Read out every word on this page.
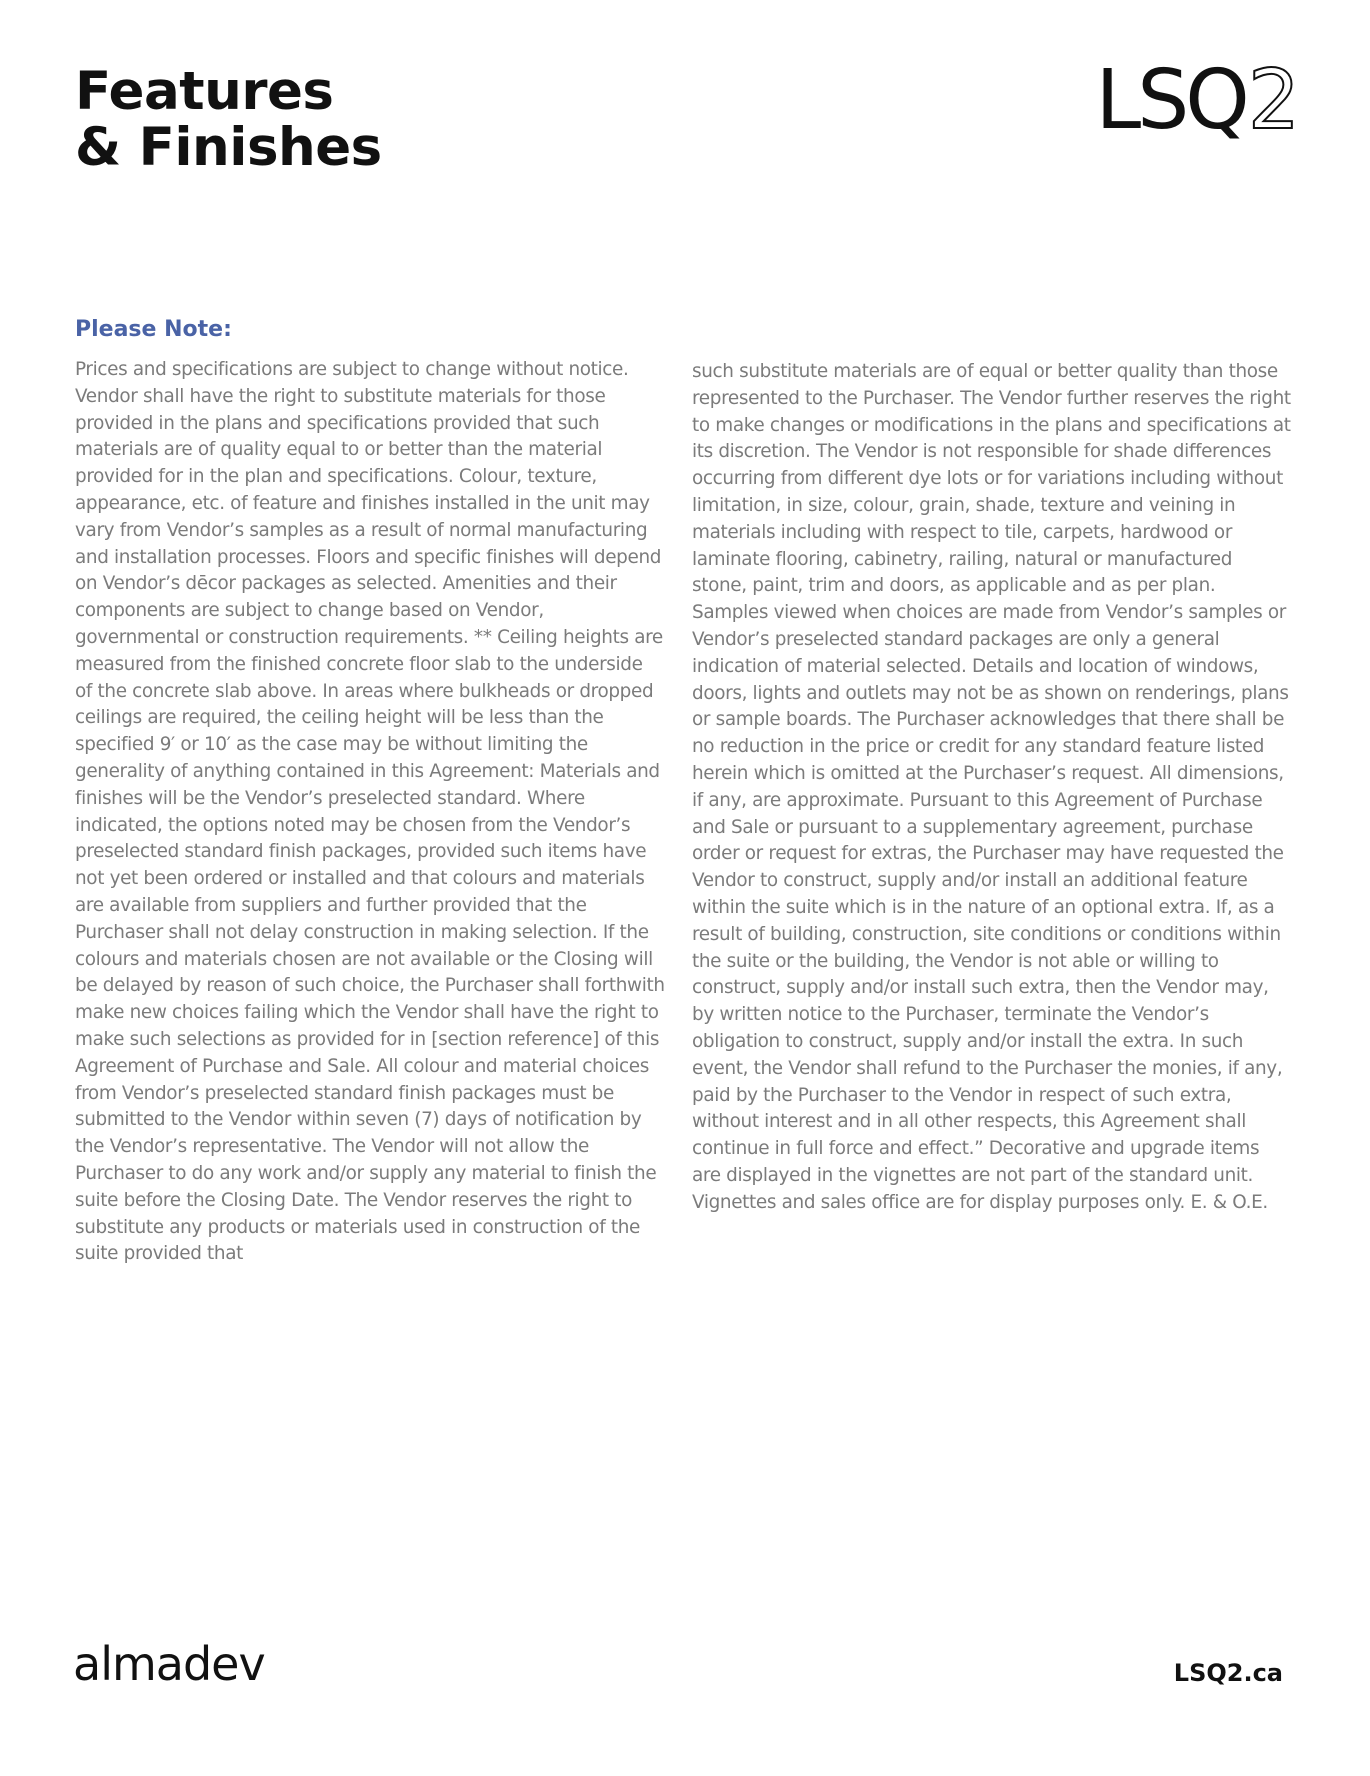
Features
& Finishes	LSQ 2
Please Note:

Prices and specifications are subject to change without notice. Vendor shall have the right to substitute materials for those provided in the plans and specifications provided that such materials are of quality equal to or better than the material provided for in the plan and specifications. Colour, texture, appearance, etc. of feature and finishes installed in the unit may vary from Vendor’s samples as a result of normal manufacturing and installation processes. Floors and specific finishes will depend on Vendor’s dēcor packages as selected. Amenities and their components are subject to change based on Vendor, governmental or construction requirements. ** Ceiling heights are measured from the finished concrete floor slab to the underside of the concrete slab above. In areas where bulkheads or dropped ceilings are required, the ceiling height will be less than the specified 9′ or 10′ as the case may be without limiting the generality of anything contained in this Agreement: Materials and finishes will be the Vendor’s preselected standard. Where indicated, the options noted may be chosen from the Vendor’s preselected standard finish packages, provided such items have not yet been ordered or installed and that colours and materials are available from suppliers and further provided that the Purchaser shall not delay construction in making selection. If the colours and materials chosen are not available or the Closing will be delayed by reason of such choice, the Purchaser shall forthwith make new choices failing which the Vendor shall have the right to make such selections as provided for in [section reference] of this Agreement of Purchase and Sale. All colour and material choices from Vendor’s preselected standard finish packages must be submitted to the Vendor within seven (7) days of notification by the Vendor’s representative. The Vendor will not allow the Purchaser to do any work and/or supply any material to finish the suite before the Closing Date. The Vendor reserves the right to substitute any products or materials used in construction of the suite provided that

such substitute materials are of equal or better quality than those represented to the Purchaser. The Vendor further reserves the right to make changes or modifications in the plans and specifications at its discretion. The Vendor is not responsible for shade differences occurring from different dye lots or for variations including without limitation, in size, colour, grain, shade, texture and veining in materials including with respect to tile, carpets, hardwood or laminate flooring, cabinetry, railing, natural or manufactured stone, paint, trim and doors, as applicable and as per plan. Samples viewed when choices are made from Vendor’s samples or Vendor’s preselected standard packages are only a general indication of material selected. Details and location of windows, doors, lights and outlets may not be as shown on renderings, plans or sample boards. The Purchaser acknowledges that there shall be no reduction in the price or credit for any standard feature listed herein which is omitted at the Purchaser’s request. All dimensions, if any, are approximate. Pursuant to this Agreement of Purchase and Sale or pursuant to a supplementary agreement, purchase order or request for extras, the Purchaser may have requested the Vendor to construct, supply and/or install an additional feature within the suite which is in the nature of an optional extra. If, as a result of building, construction, site conditions or conditions within the suite or the building, the Vendor is not able or willing to construct, supply and/or install such extra, then the Vendor may, by written notice to the Purchaser, terminate the Vendor’s obligation to construct, supply and/or install the extra. In such event, the Vendor shall refund to the Purchaser the monies, if any, paid by the Purchaser to the Vendor in respect of such extra, without interest and in all other respects, this Agreement shall continue in full force and effect.” Decorative and upgrade items are displayed in the vignettes are not part of the standard unit. Vignettes and sales office are for display purposes only. E. & O.E.

almadev	LSQ2.ca
